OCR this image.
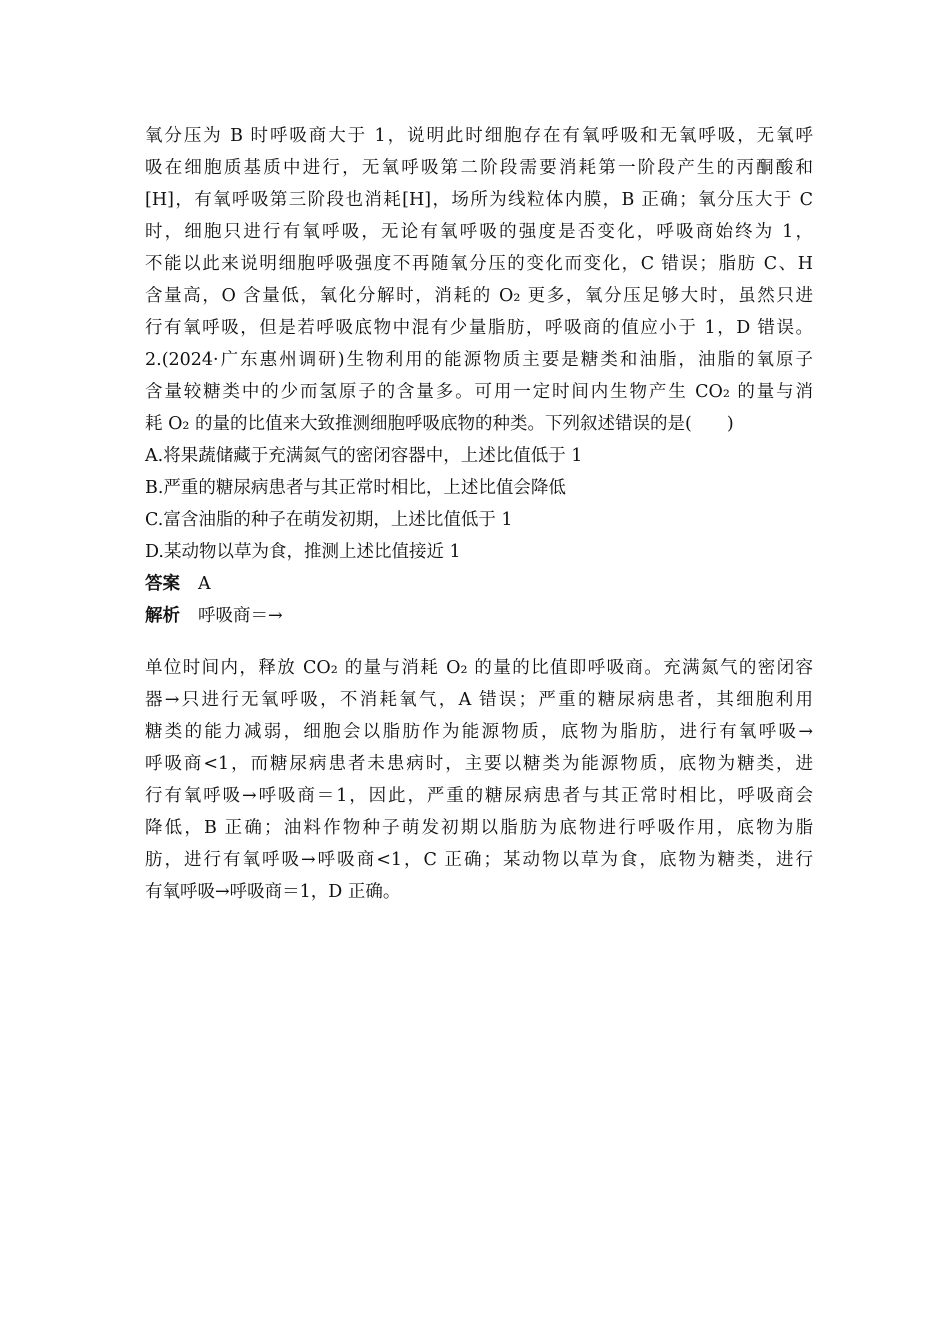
氧分压为 B 时呼吸商大于 1，说明此时细胞存在有氧呼吸和无氧呼吸，无氧呼
吸在细胞质基质中进行，无氧呼吸第二阶段需要消耗第一阶段产生的丙酮酸和
[H]，有氧呼吸第三阶段也消耗[H]，场所为线粒体内膜，B 正确；氧分压大于 C
时，细胞只进行有氧呼吸，无论有氧呼吸的强度是否变化，呼吸商始终为 1，
不能以此来说明细胞呼吸强度不再随氧分压的变化而变化，C 错误；脂肪 C、H
含量高，O 含量低，氧化分解时，消耗的 O₂ 更多，氧分压足够大时，虽然只进
行有氧呼吸，但是若呼吸底物中混有少量脂肪，呼吸商的值应小于 1，D 错误。
2.(2024·广东惠州调研)生物利用的能源物质主要是糖类和油脂，油脂的氧原子
含量较糖类中的少而氢原子的含量多。可用一定时间内生物产生 CO₂ 的量与消
耗 O₂ 的量的比值来大致推测细胞呼吸底物的种类。下列叙述错误的是(　　)
A.将果蔬储藏于充满氮气的密闭容器中，上述比值低于 1
B.严重的糖尿病患者与其正常时相比，上述比值会降低
C.富含油脂的种子在萌发初期，上述比值低于 1
D.某动物以草为食，推测上述比值接近 1
答案 A
解析 呼吸商＝→
单位时间内，释放 CO₂ 的量与消耗 O₂ 的量的比值即呼吸商。充满氮气的密闭容
器→只进行无氧呼吸，不消耗氧气，A 错误；严重的糖尿病患者，其细胞利用
糖类的能力减弱，细胞会以脂肪作为能源物质，底物为脂肪，进行有氧呼吸→
呼吸商<1，而糖尿病患者未患病时，主要以糖类为能源物质，底物为糖类，进
行有氧呼吸→呼吸商＝1，因此，严重的糖尿病患者与其正常时相比，呼吸商会
降低，B 正确；油料作物种子萌发初期以脂肪为底物进行呼吸作用，底物为脂
肪，进行有氧呼吸→呼吸商<1，C 正确；某动物以草为食，底物为糖类，进行
有氧呼吸→呼吸商＝1，D 正确。
